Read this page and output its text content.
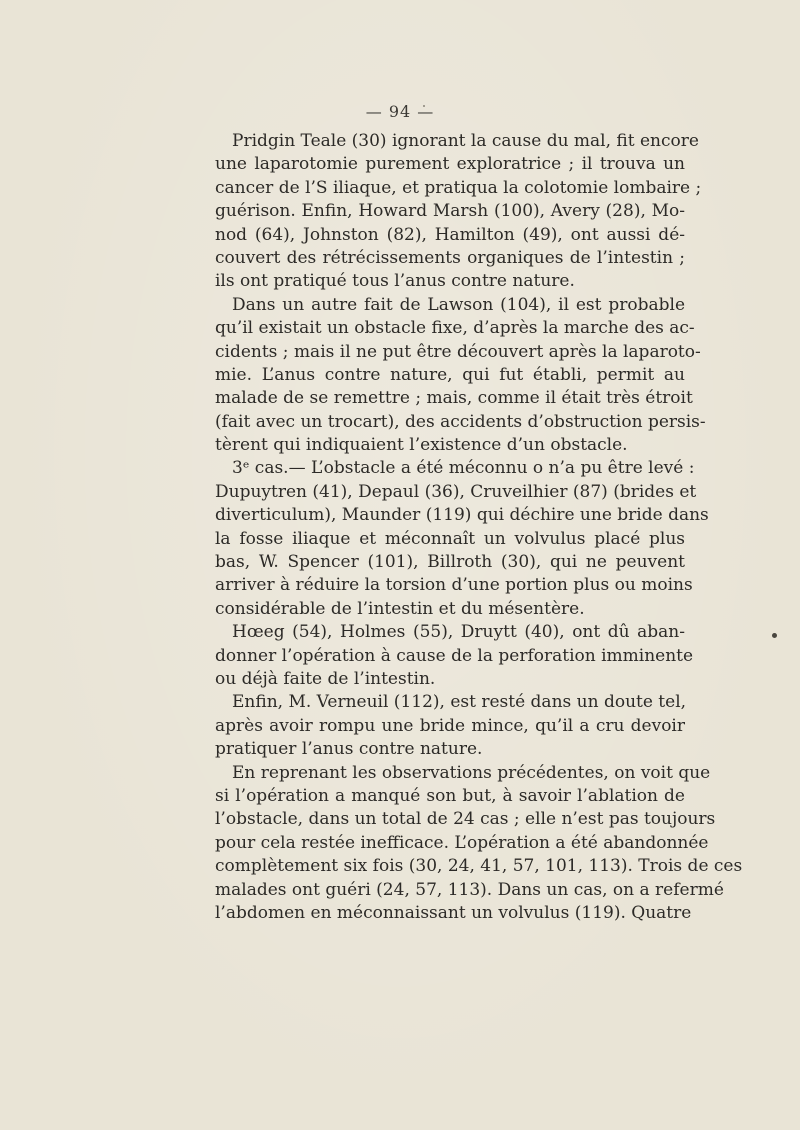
— 94 —
Pridgin Teale (30) ignorant la cause du mal, fit encore
une laparotomie purement exploratrice ; il trouva un
cancer de l’S iliaque, et pratiqua la colotomie lombaire ;
guérison. Enfin, Howard Marsh (100), Avery (28), Mo-
nod (64), Johnston (82), Hamilton (49), ont aussi dé-
couvert des rétrécissements organiques de l’intestin ;
ils ont pratiqué tous l’anus contre nature.
Dans un autre fait de Lawson (104), il est probable
qu’il existait un obstacle fixe, d’après la marche des ac-
cidents ; mais il ne put être découvert après la laparoto-
mie. L’anus contre nature, qui fut établi, permit au
malade de se remettre ; mais, comme il était très étroit
(fait avec un trocart), des accidents d’obstruction persis-
tèrent qui indiquaient l’existence d’un obstacle.
3ᵉ cas.— L’obstacle a été méconnu o n’a pu être levé :
Dupuytren (41), Depaul (36), Cruveilhier (87) (brides et
diverticulum), Maunder (119) qui déchire une bride dans
la fosse iliaque et méconnaît un volvulus placé plus
bas, W. Spencer (101), Billroth (30), qui ne peuvent
arriver à réduire la torsion d’une portion plus ou moins
considérable de l’intestin et du mésentère.
Hœeg (54), Holmes (55), Druytt (40), ont dû aban-
donner l’opération à cause de la perforation imminente
ou déjà faite de l’intestin.
Enfin, M. Verneuil (112), est resté dans un doute tel,
après avoir rompu une bride mince, qu’il a cru devoir
pratiquer l’anus contre nature.
En reprenant les observations précédentes, on voit que
si l’opération a manqué son but, à savoir l’ablation de
l’obstacle, dans un total de 24 cas ; elle n’est pas toujours
pour cela restée inefficace. L’opération a été abandonnée
complètement six fois (30, 24, 41, 57, 101, 113). Trois de ces
malades ont guéri (24, 57, 113). Dans un cas, on a refermé
l’abdomen en méconnaissant un volvulus (119). Quatre
